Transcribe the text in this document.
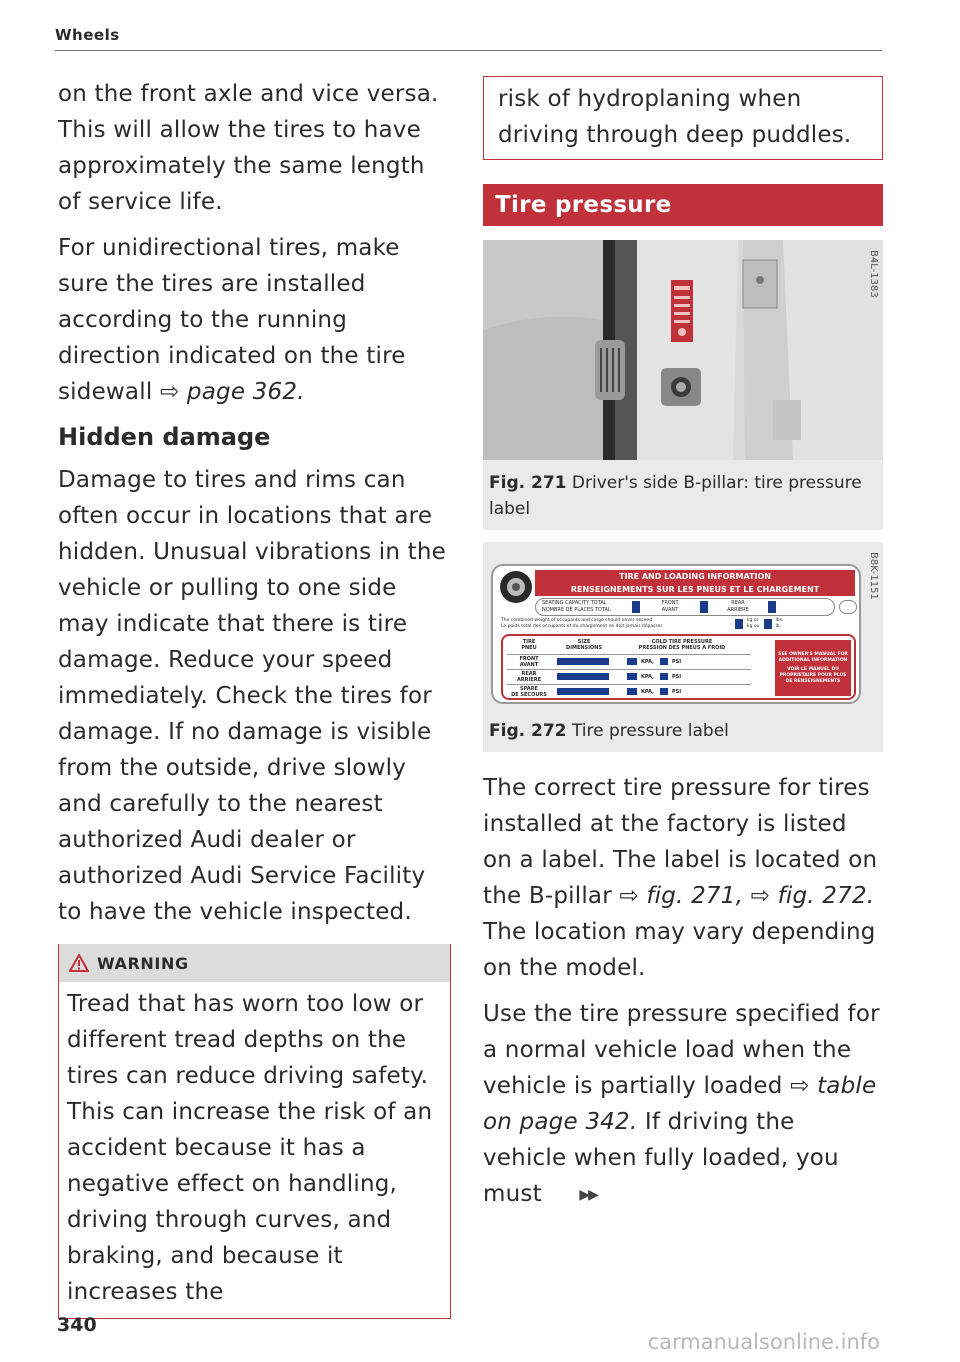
Wheels

on the front axle and vice versa. This will allow the tires to have approximately the same length of service life.

For unidirectional tires, make sure the tires are installed according to the running direction indicated on the tire sidewall ⇨ page 362.

Hidden damage

Damage to tires and rims can often occur in locations that are hidden. Unusual vibrations in the vehicle or pulling to one side may indicate that there is tire damage. Reduce your speed immediately. Check the tires for damage. If no damage is visible from the outside, drive slowly and carefully to the nearest authorized Audi dealer or authorized Audi Service Facility to have the vehicle inspected.

WARNING

Tread that has worn too low or different tread depths on the tires can reduce driving safety. This can increase the risk of an accident because it has a negative effect on handling, driving through curves, and braking, and because it increases the

340

risk of hydroplaning when driving through deep puddles.

Tire pressure
B4L-1383
Fig. 271 Driver's side B-pillar: tire pressure label
B8K-1151
TIRE AND LOADING INFORMATION
RENSEIGNEMENTS SUR LES PNEUS ET LE CHARGEMENT
SEATING CAPACITY TOTAL
NOMBRE DE PLACES TOTAL
FRONT
AVANT
REAR
ARRIERE
The combined weight of occupants and cargo should never exceed
Le poids total des occupants et du chargement ne doit jamais dépasser
kg or
kg ou
lbs.
lb.
TIRE
PNEU
SIZE
DIMENSIONS
COLD TIRE PRESSURE
PRESSION DES PNEUS A FROID
FRONT
AVANT	KPA,	PSI
REAR
ARRIERE	KPA,	PSI
SPARE
DE SECOURS	KPA,	PSI
SEE OWNER'S MANUAL FOR ADDITIONAL INFORMATION
VOIR LE MANUEL DU PROPRIETAIRE POUR PLUS DE RENSEIGNEMENTS
Fig. 272 Tire pressure label

The correct tire pressure for tires installed at the factory is listed on a label. The label is located on the B-pillar ⇨ fig. 271, ⇨ fig. 272. The location may vary depending on the model.

Use the tire pressure specified for a normal vehicle load when the vehicle is partially loaded ⇨ table on page 342. If driving the vehicle when fully loaded, you must	▶▶

carmanualsonline.info
